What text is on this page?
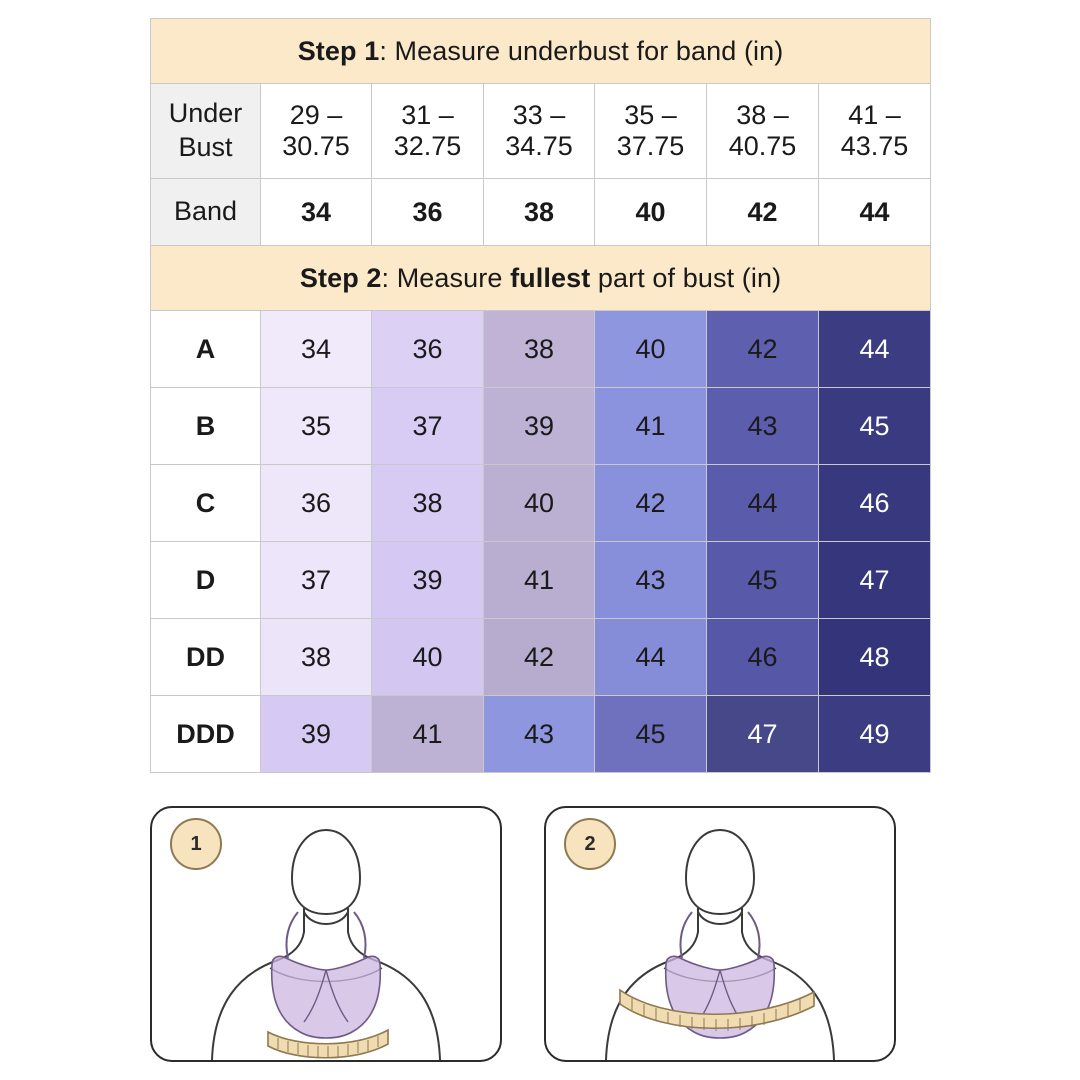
Step 1: Measure underbust for band (in)						

Under
Bust	29 – 30.75	31 – 32.75	33 – 34.75	35 – 37.75	38 – 40.75	41 – 43.75
Band	34	36	38	40	42	44
Step 2: Measure fullest part of bust (in)						
A	34	36	38	40	42	44
B	35	37	39	41	43	45
C	36	38	40	42	44	46
D	37	39	41	43	45	47
DD	38	40	42	44	46	48
DDD	39	41	43	45	47	49
1	2
